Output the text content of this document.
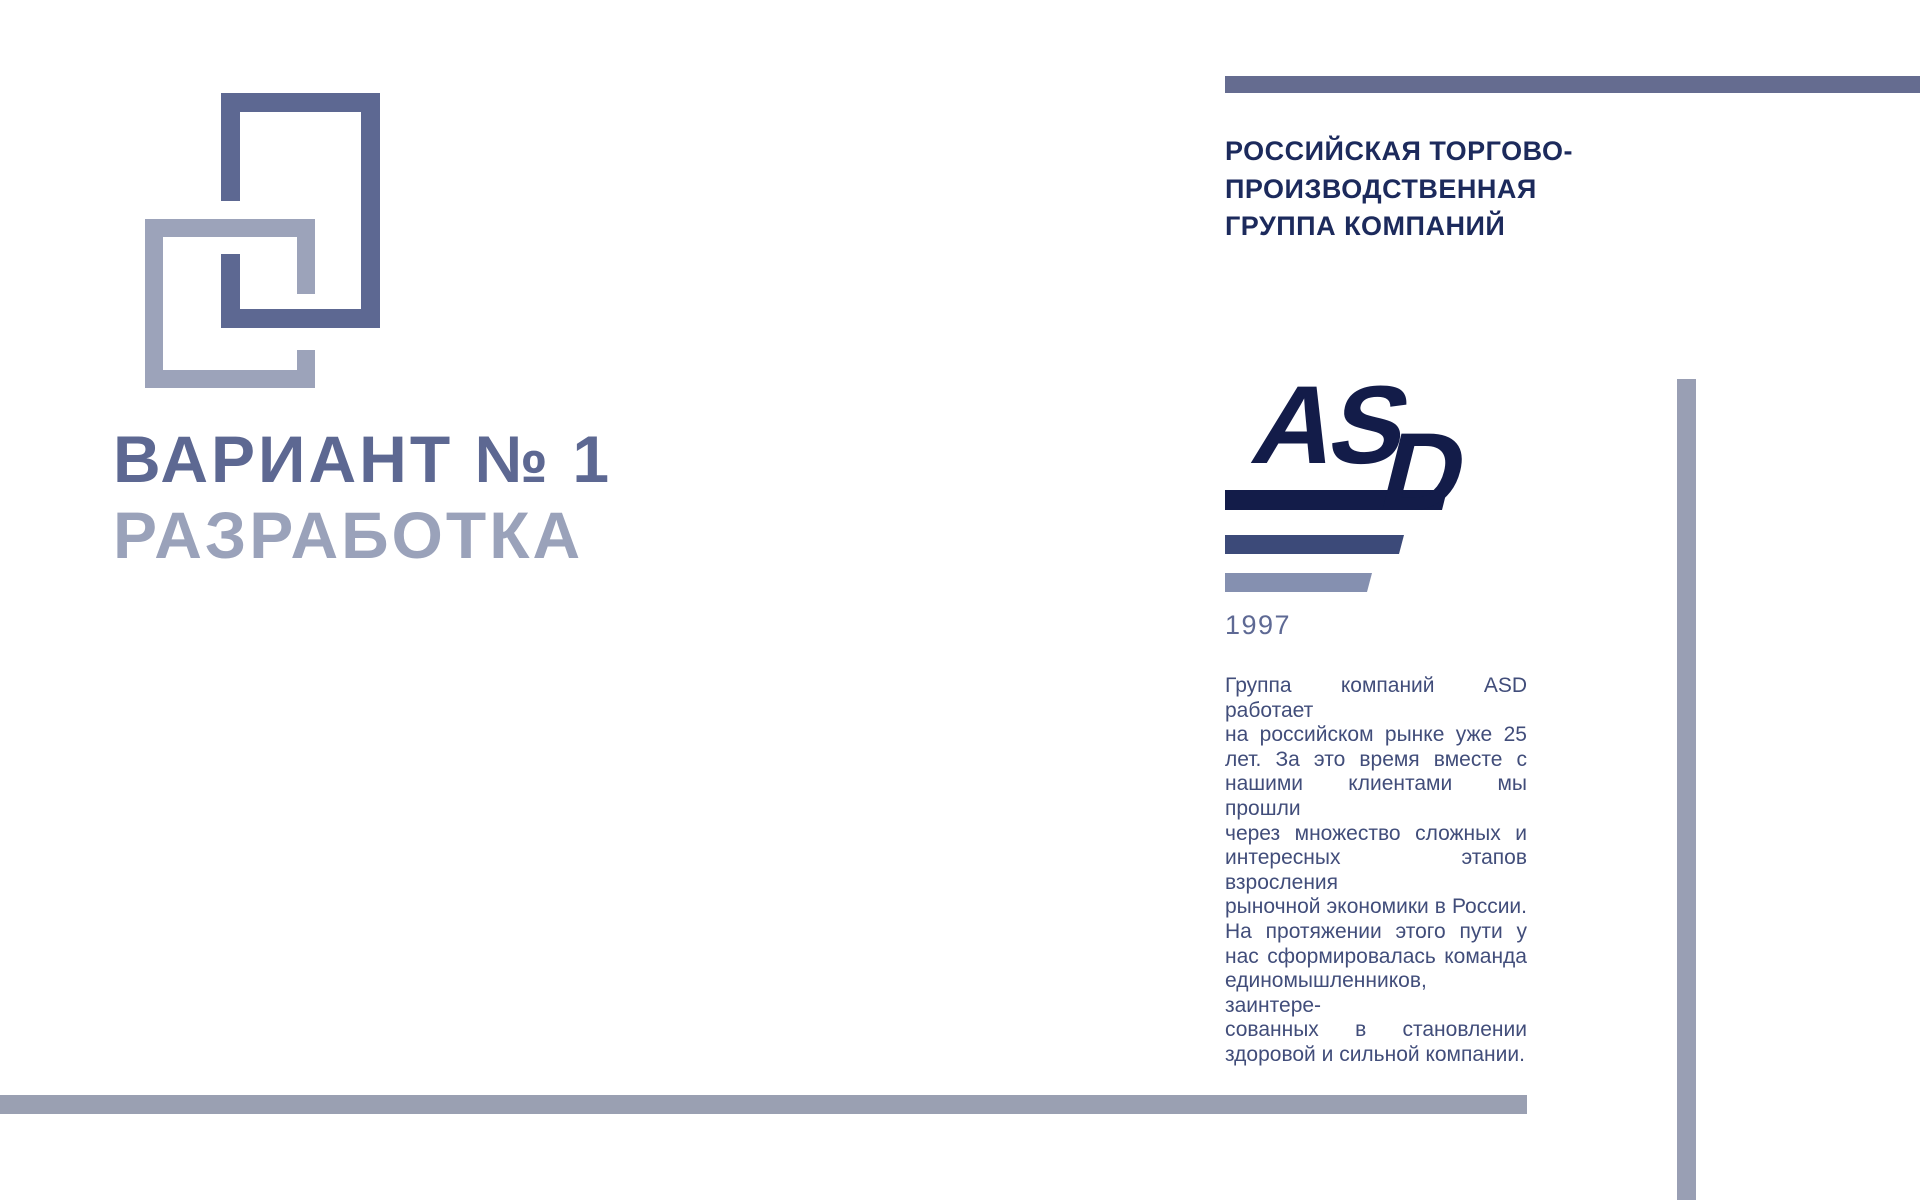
ВАРИАНТ № 1
РАЗРАБОТКА
РОССИЙСКАЯ ТОРГОВО-
ПРОИЗВОДСТВЕННАЯ
ГРУППА КОМПАНИЙ
AS
D
1997
Группа компаний ASD работает
на российском рынке уже 25
лет. За это время вместе с
нашими клиентами мы прошли
через множество сложных и
интересных этапов взросления
рыночной экономики в России.
На протяжении этого пути у
нас сформировалась команда
единомышленников, заинтере-
сованных в становлении
здоровой и сильной компании.
